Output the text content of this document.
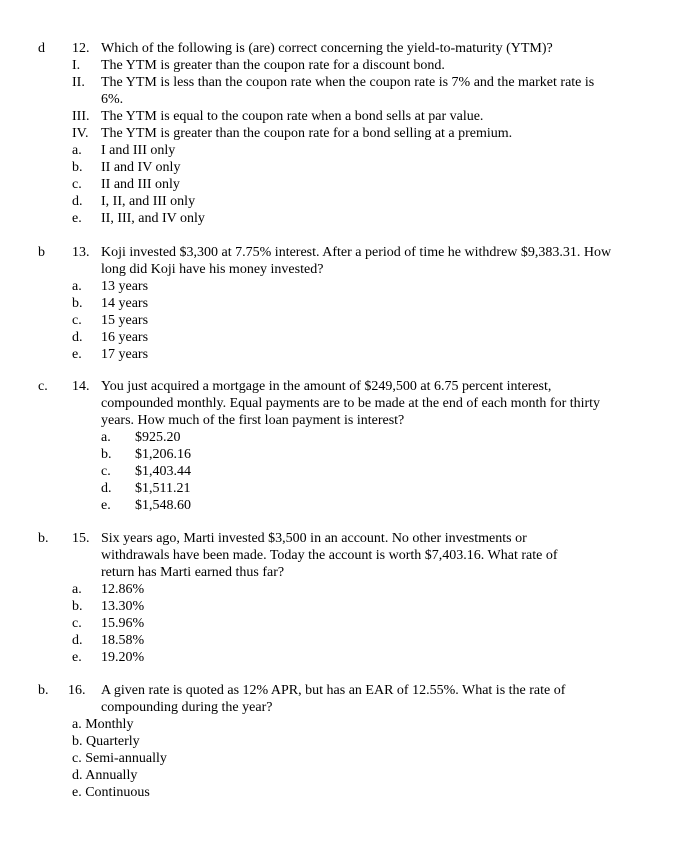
d 12. Which of the following is (are) correct concerning the yield-to-maturity (YTM)?
I. The YTM is greater than the coupon rate for a discount bond.
II. The YTM is less than the coupon rate when the coupon rate is 7% and the market rate is 6%.
III. The YTM is equal to the coupon rate when a bond sells at par value.
IV. The YTM is greater than the coupon rate for a bond selling at a premium.
a. I and III only
b. II and IV only
c. II and III only
d. I, II, and III only
e. II, III, and IV only
b 13. Koji invested $3,300 at 7.75% interest. After a period of time he withdrew $9,383.31. How long did Koji have his money invested?
a. 13 years
b. 14 years
c. 15 years
d. 16 years
e. 17 years
c. 14. You just acquired a mortgage in the amount of $249,500 at 6.75 percent interest, compounded monthly. Equal payments are to be made at the end of each month for thirty years. How much of the first loan payment is interest?
a. $925.20
b. $1,206.16
c. $1,403.44
d. $1,511.21
e. $1,548.60
b. 15. Six years ago, Marti invested $3,500 in an account. No other investments or withdrawals have been made. Today the account is worth $7,403.16. What rate of return has Marti earned thus far?
a. 12.86%
b. 13.30%
c. 15.96%
d. 18.58%
e. 19.20%
b. 16. A given rate is quoted as 12% APR, but has an EAR of 12.55%. What is the rate of compounding during the year?
a. Monthly
b. Quarterly
c. Semi-annually
d. Annually
e. Continuous
